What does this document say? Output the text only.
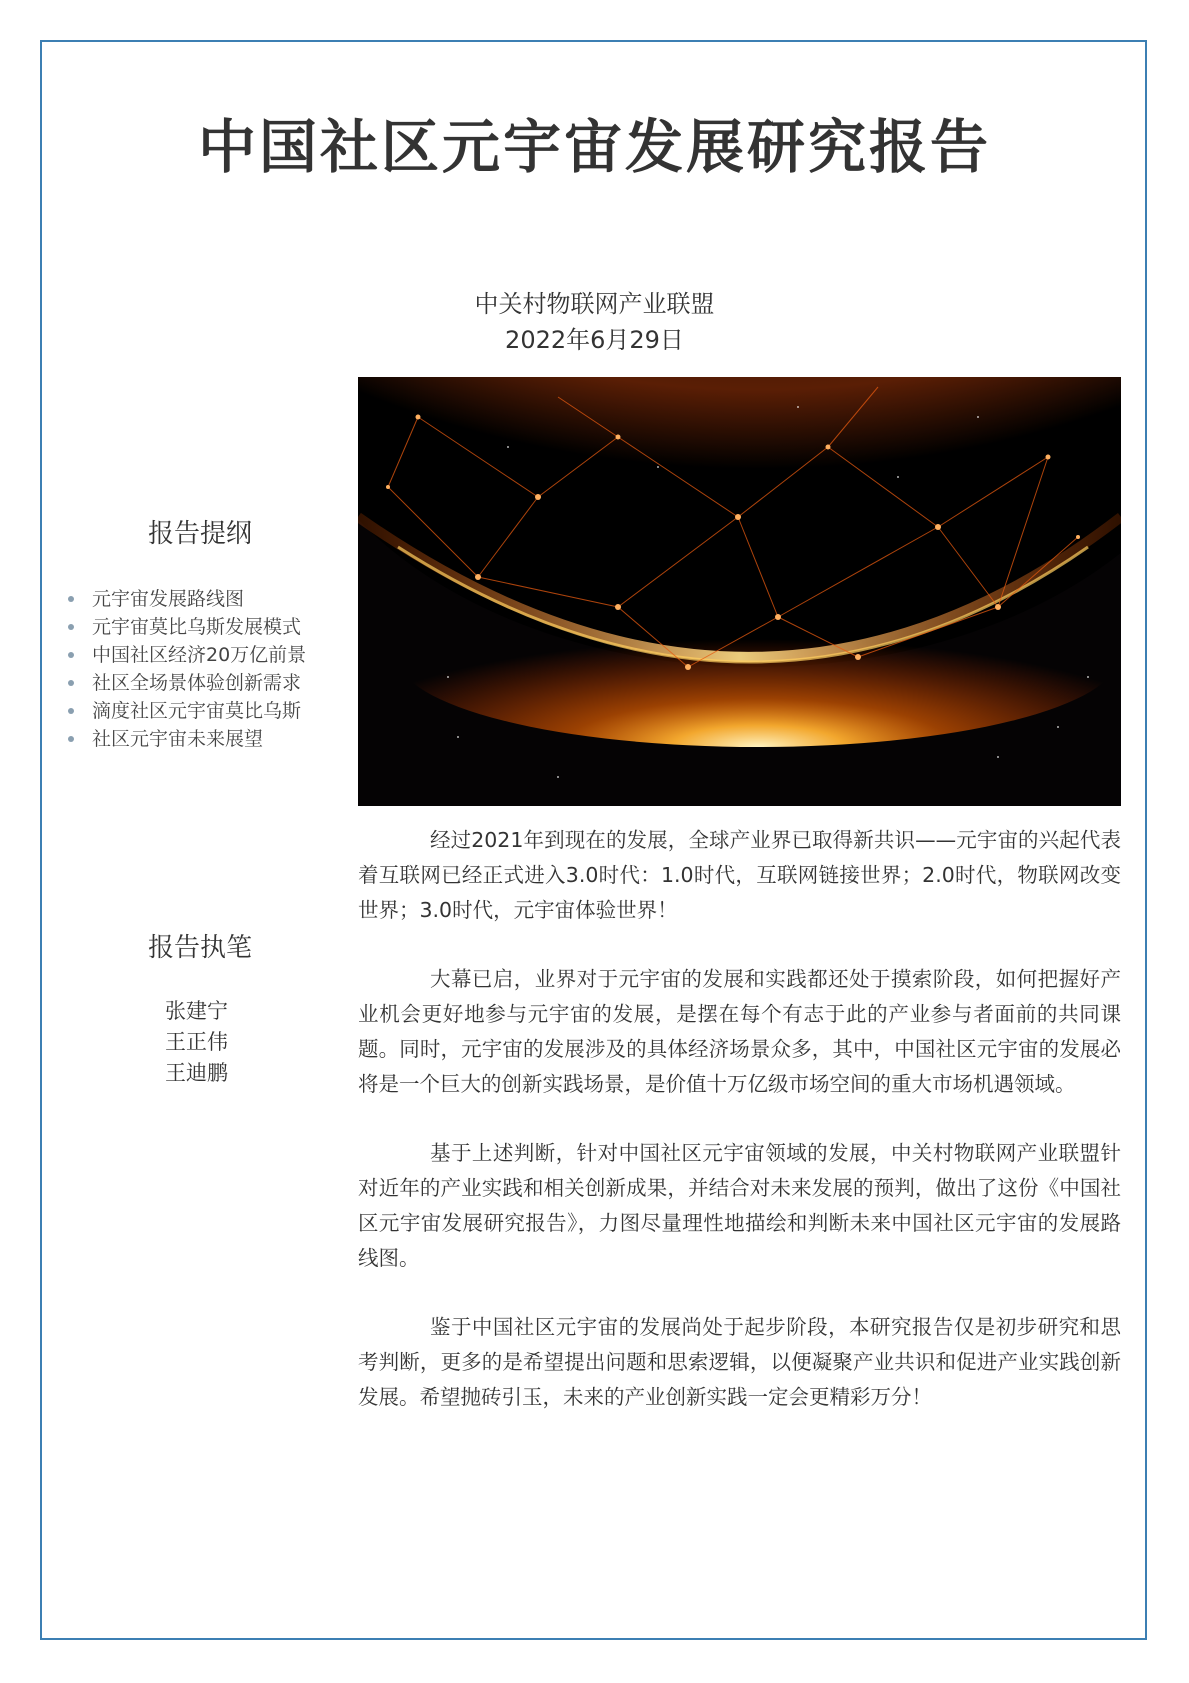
中国社区元宇宙发展研究报告
中关村物联网产业联盟
2022年6月29日
报告提纲
元宇宙发展路线图
元宇宙莫比乌斯发展模式
中国社区经济20万亿前景
社区全场景体验创新需求
滴度社区元宇宙莫比乌斯
社区元宇宙未来展望
报告执笔
张建宁
王正伟
王迪鹏

经过2021年到现在的发展，全球产业界已取得新共识——元宇宙的兴起代表着互联网已经正式进入3.0时代：1.0时代，互联网链接世界；2.0时代，物联网改变世界；3.0时代，元宇宙体验世界！

大幕已启，业界对于元宇宙的发展和实践都还处于摸索阶段，如何把握好产业机会更好地参与元宇宙的发展，是摆在每个有志于此的产业参与者面前的共同课题。同时，元宇宙的发展涉及的具体经济场景众多，其中，中国社区元宇宙的发展必将是一个巨大的创新实践场景，是价值十万亿级市场空间的重大市场机遇领域。

基于上述判断，针对中国社区元宇宙领域的发展，中关村物联网产业联盟针对近年的产业实践和相关创新成果，并结合对未来发展的预判，做出了这份《中国社区元宇宙发展研究报告》，力图尽量理性地描绘和判断未来中国社区元宇宙的发展路线图。

鉴于中国社区元宇宙的发展尚处于起步阶段，本研究报告仅是初步研究和思考判断，更多的是希望提出问题和思索逻辑，以便凝聚产业共识和促进产业实践创新发展。希望抛砖引玉，未来的产业创新实践一定会更精彩万分！
